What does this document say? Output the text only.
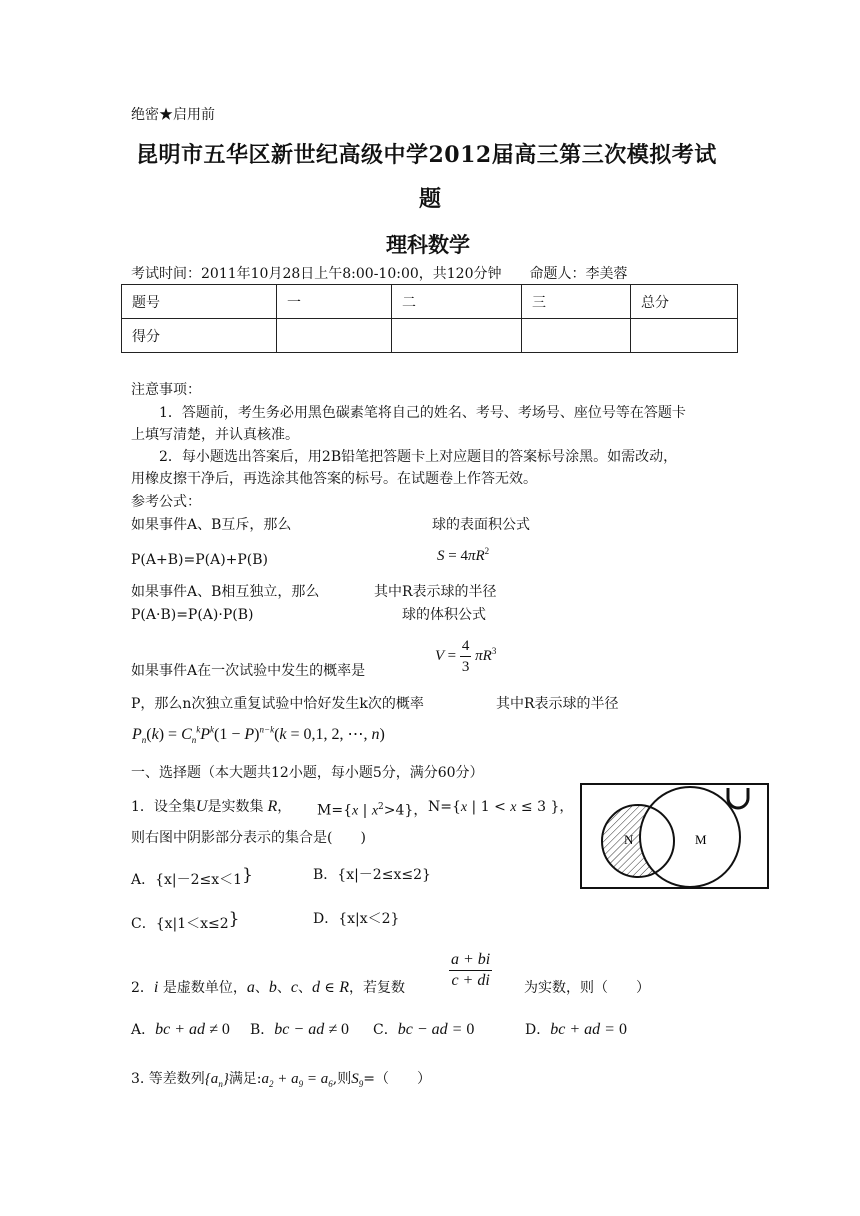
绝密★启用前
昆明市五华区新世纪高级中学2012届高三第三次模拟考试
题
理科数学
考试时间：2011年10月28日上午8:00-10:00，共120分钟　　命题人：李美蓉
题号	一	二	三	总分
得分				
注意事项：
1．答题前，考生务必用黑色碳素笔将自己的姓名、考号、考场号、座位号等在答题卡
上填写清楚，并认真核准。
2．每小题选出答案后，用2B铅笔把答题卡上对应题目的答案标号涂黑。如需改动，
用橡皮擦干净后，再选涂其他答案的标号。在试题卷上作答无效。
参考公式：
如果事件A、B互斥，那么	球的表面积公式
P(A+B)=P(A)+P(B)	$S = 4\pi R^2$
如果事件A、B相互独立，那么	其中R表示球的半径
P(A·B)=P(A)·P(B)	球的体积公式
$V = \frac{4}{3} \pi R^3$
如果事件A在一次试验中发生的概率是
P，那么n次独立重复试验中恰好发生k次的概率	其中R表示球的半径
$P_n(k) = C_n^kP^k(1 - P)^{n-k}(k = 0,1$, 2, ⋯, n)
一、选择题（本大题共12小题，每小题5分，满分60分）
1．设全集U是实数集 R， M={x | $x^2>4$}， N={x | 1 < x ≤ 3 }，
则右图中阴影部分表示的集合是(　　)
A．{x|－2≤x＜1}	B．{x|－2≤x≤2}
C．{x|1＜x≤2}	D．{x|x＜2}
N	M
$\frac{a + bi}{c + di}$
2．i 是虚数单位，a、b、c、d ∈ R，若复数	为实数，则（　　）
A．bc + ad ≠ 0 B．bc − ad ≠ 0 C．bc − ad = 0	D．bc + ad = 0
3. 等差数列$\{a_n\}$满足$:a_2 + a_9 = a_6$,则$S_9=$（　　）
